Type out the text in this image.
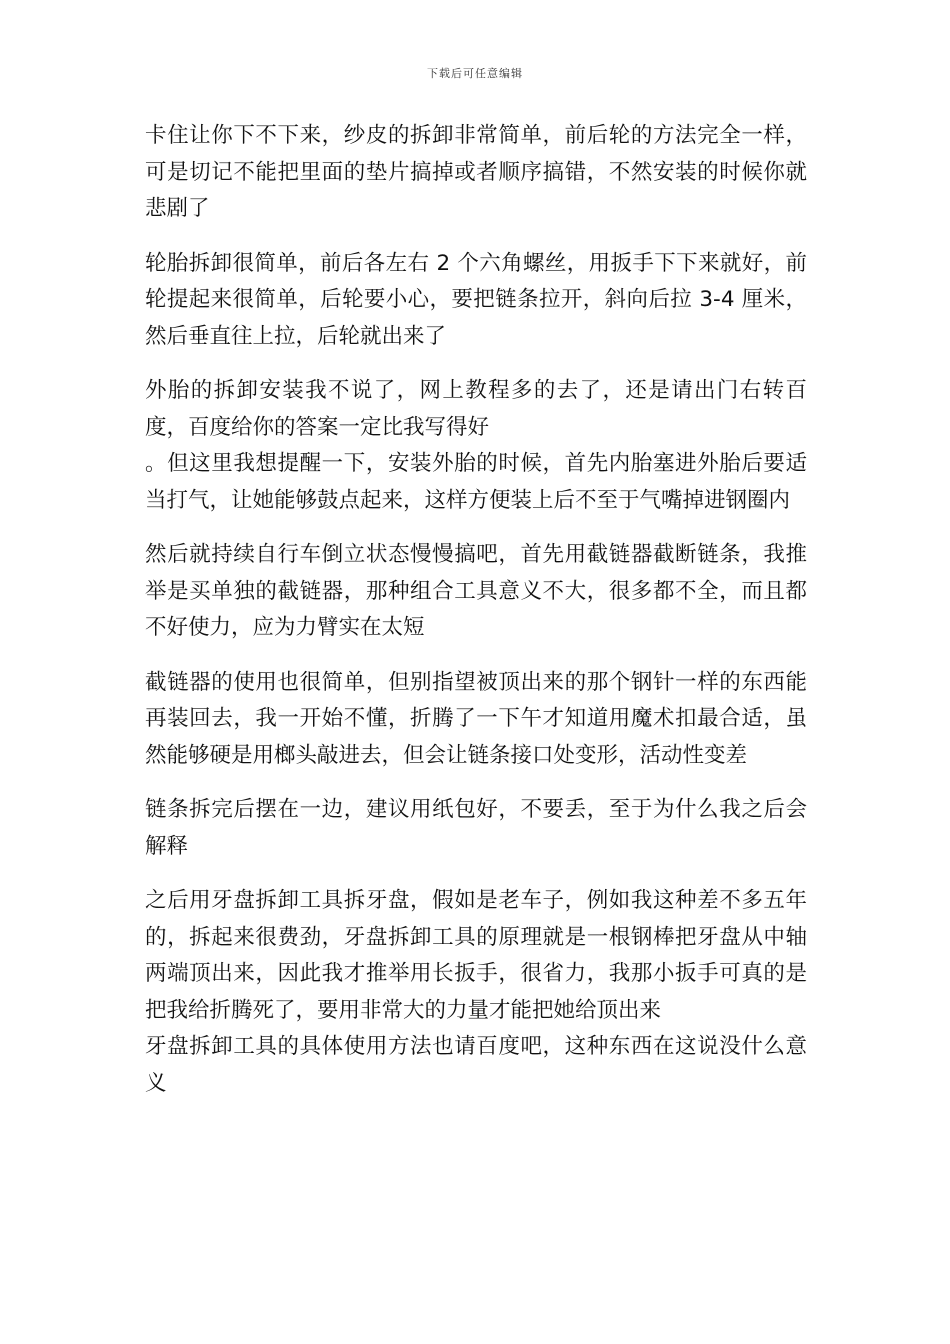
下载后可任意编辑

卡住让你下不下来，纱皮的拆卸非常简单，前后轮的方法完全一样，可是切记不能把里面的垫片搞掉或者顺序搞错，不然安装的时候你就悲剧了

轮胎拆卸很简单，前后各左右 2 个六角螺丝，用扳手下下来就好，前轮提起来很简单，后轮要小心，要把链条拉开，斜向后拉 3-4 厘米，然后垂直往上拉，后轮就出来了

外胎的拆卸安装我不说了，网上教程多的去了，还是请出门右转百度，百度给你的答案一定比我写得好

。但这里我想提醒一下，安装外胎的时候，首先内胎塞进外胎后要适当打气，让她能够鼓点起来，这样方便装上后不至于气嘴掉进钢圈内

然后就持续自行车倒立状态慢慢搞吧，首先用截链器截断链条，我推举是买单独的截链器，那种组合工具意义不大，很多都不全，而且都不好使力，应为力臂实在太短

截链器的使用也很简单，但别指望被顶出来的那个钢针一样的东西能再装回去，我一开始不懂，折腾了一下午才知道用魔术扣最合适，虽然能够硬是用榔头敲进去，但会让链条接口处变形，活动性变差

链条拆完后摆在一边，建议用纸包好，不要丢，至于为什么我之后会解释

之后用牙盘拆卸工具拆牙盘，假如是老车子，例如我这种差不多五年的，拆起来很费劲，牙盘拆卸工具的原理就是一根钢棒把牙盘从中轴两端顶出来，因此我才推举用长扳手，很省力，我那小扳手可真的是把我给折腾死了，要用非常大的力量才能把她给顶出来

牙盘拆卸工具的具体使用方法也请百度吧，这种东西在这说没什么意义
